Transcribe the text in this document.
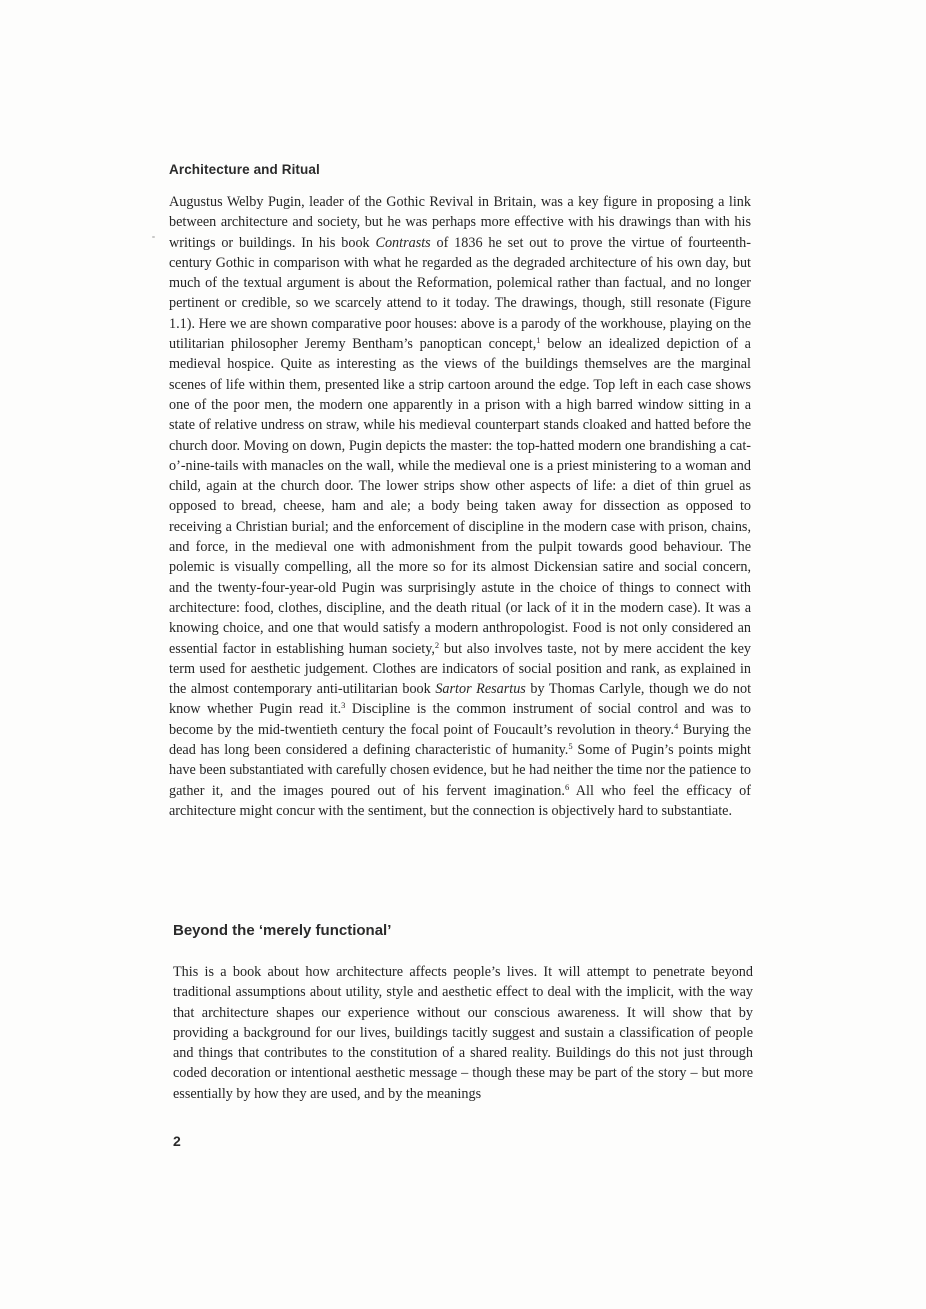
Architecture and Ritual

Augustus Welby Pugin, leader of the Gothic Revival in Britain, was a key figure in proposing a link between architecture and society, but he was perhaps more effective with his drawings than with his writings or buildings. In his book Contrasts of 1836 he set out to prove the virtue of fourteenth-century Gothic in comparison with what he regarded as the degraded architecture of his own day, but much of the textual argument is about the Reformation, polemical rather than factual, and no longer pertinent or credible, so we scarcely attend to it today. The drawings, though, still resonate (Figure 1.1). Here we are shown comparative poor houses: above is a parody of the workhouse, playing on the utilitarian philosopher Jeremy Bentham’s panoptican concept,$^1$ below an idealized depiction of a medieval hospice. Quite as interesting as the views of the buildings themselves are the marginal scenes of life within them, presented like a strip cartoon around the edge. Top left in each case shows one of the poor men, the modern one apparently in a prison with a high barred window sitting in a state of relative undress on straw, while his medieval counterpart stands cloaked and hatted before the church door. Moving on down, Pugin depicts the master: the top-hatted modern one brandishing a cat-o’-nine-tails with manacles on the wall, while the medieval one is a priest ministering to a woman and child, again at the church door. The lower strips show other aspects of life: a diet of thin gruel as opposed to bread, cheese, ham and ale; a body being taken away for dissection as opposed to receiving a Christian burial; and the enforcement of discipline in the modern case with prison, chains, and force, in the medieval one with admonishment from the pulpit towards good behaviour. The polemic is visually compelling, all the more so for its almost Dickensian satire and social concern, and the twenty-four-year-old Pugin was surprisingly astute in the choice of things to connect with architecture: food, clothes, discipline, and the death ritual (or lack of it in the modern case). It was a knowing choice, and one that would satisfy a modern anthropologist. Food is not only considered an essential factor in establishing human society,$^2$ but also involves taste, not by mere accident the key term used for aesthetic judgement. Clothes are indicators of social position and rank, as explained in the almost contemporary anti-utilitarian book Sartor Resartus by Thomas Carlyle, though we do not know whether Pugin read it.$^3$ Discipline is the common instrument of social control and was to become by the mid-twentieth century the focal point of Foucault’s revolution in theory.$^4$ Burying the dead has long been considered a defining characteristic of humanity.$^5$ Some of Pugin’s points might have been substantiated with carefully chosen evidence, but he had neither the time nor the patience to gather it, and the images poured out of his fervent imagination.$^6$ All who feel the efficacy of architecture might concur with the sentiment, but the connection is objectively hard to substantiate.

Beyond the ‘merely functional’

This is a book about how architecture affects people’s lives. It will attempt to penetrate beyond traditional assumptions about utility, style and aesthetic effect to deal with the implicit, with the way that architecture shapes our experience without our conscious awareness. It will show that by providing a background for our lives, buildings tacitly suggest and sustain a classification of people and things that contributes to the constitution of a shared reality. Buildings do this not just through coded decoration or intentional aesthetic message – though these may be part of the story – but more essentially by how they are used, and by the meanings

2
